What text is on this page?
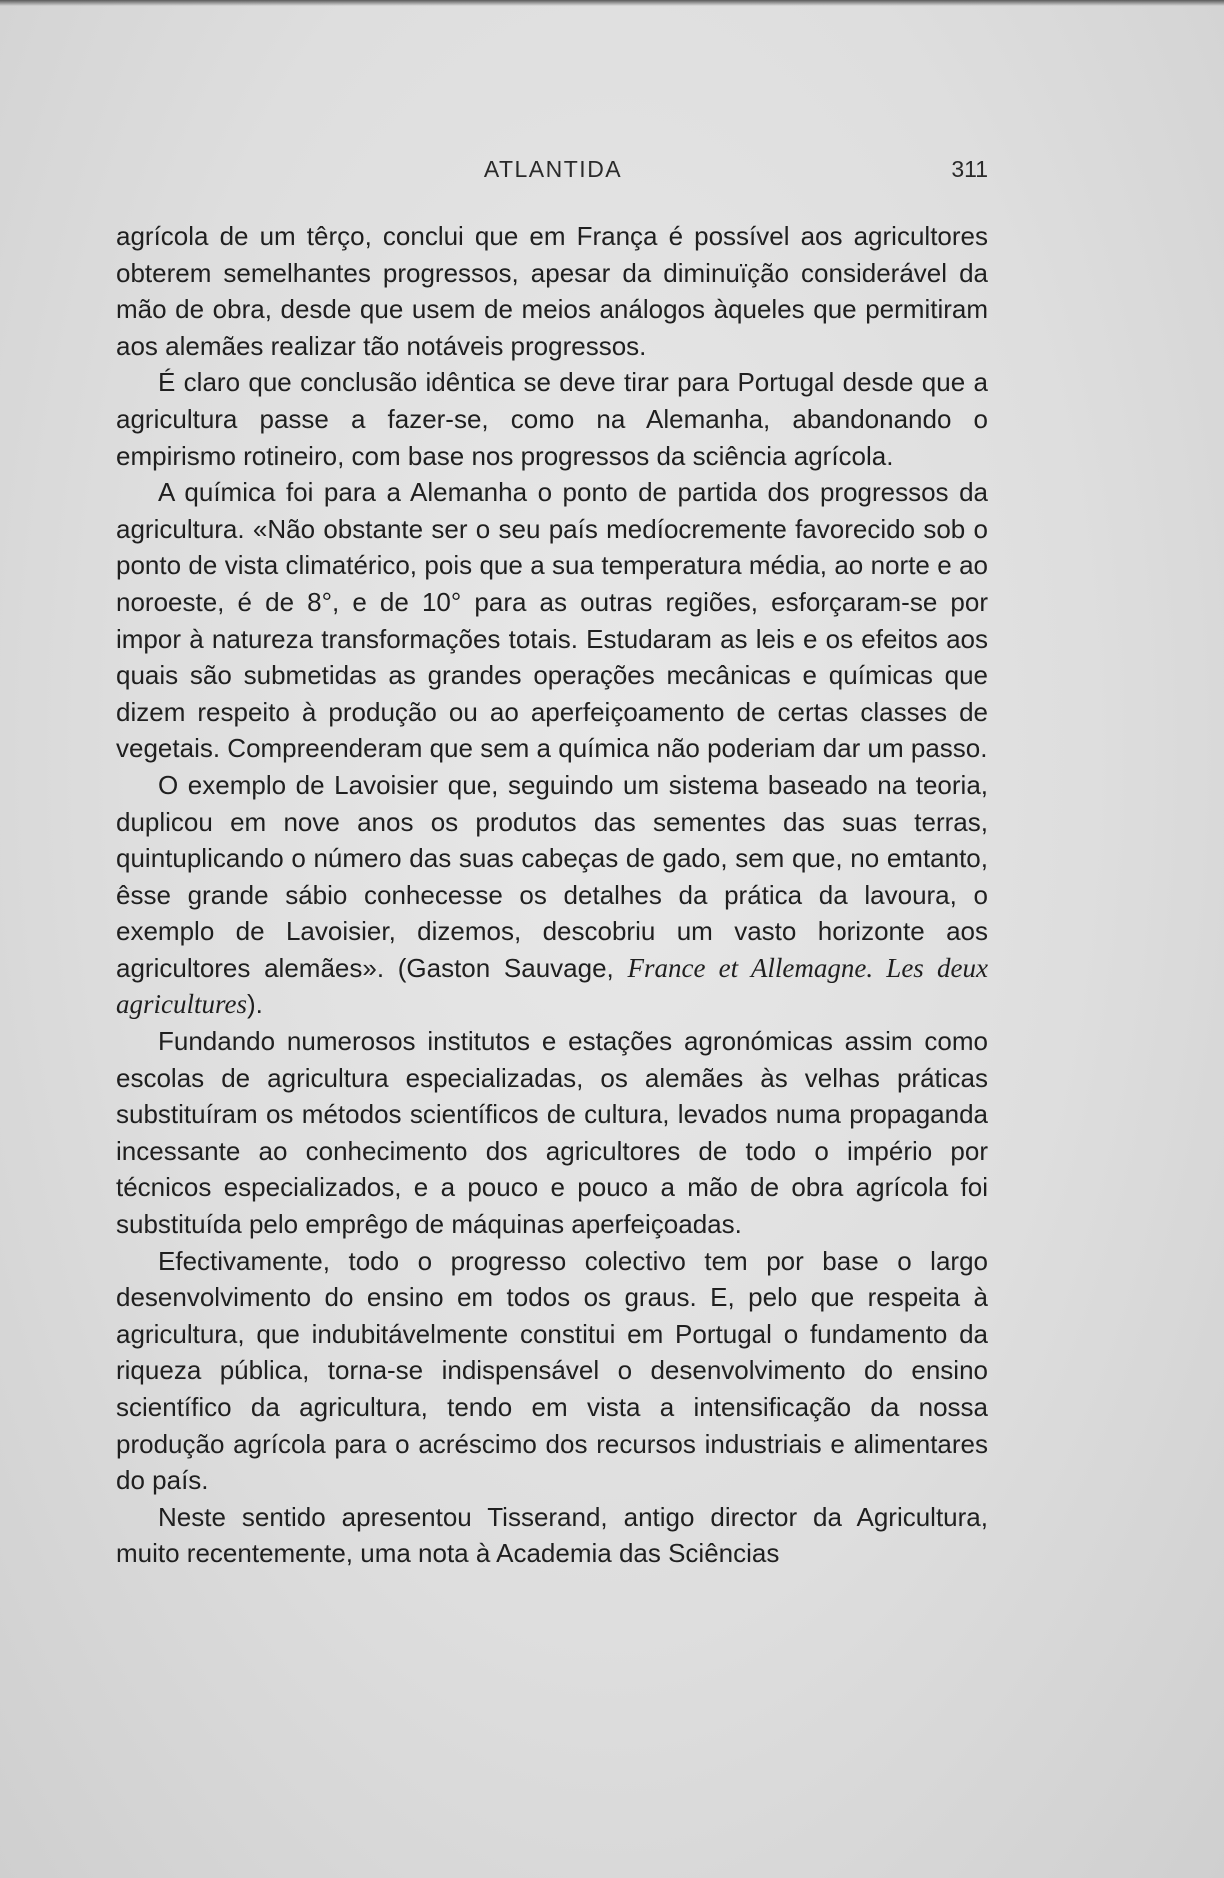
ATLANTIDA	311

agrícola de um têrço, conclui que em França é possível aos agricultores obterem semelhantes progressos, apesar da diminuïção considerável da mão de obra, desde que usem de meios análogos àqueles que permitiram aos alemães realizar tão notáveis progressos.

É claro que conclusão idêntica se deve tirar para Portugal desde que a agricultura passe a fazer-se, como na Alemanha, abandonando o empirismo rotineiro, com base nos progressos da sciência agrícola.

A química foi para a Alemanha o ponto de partida dos progressos da agricultura. «Não obstante ser o seu país medíocremente favorecido sob o ponto de vista climatérico, pois que a sua temperatura média, ao norte e ao noroeste, é de 8°, e de 10° para as outras regiões, esforçaram-se por impor à natureza transformações totais. Estudaram as leis e os efeitos aos quais são submetidas as grandes operações mecânicas e químicas que dizem respeito à produção ou ao aperfeiçoamento de certas classes de vegetais. Compreenderam que sem a química não poderiam dar um passo.

O exemplo de Lavoisier que, seguindo um sistema baseado na teoria, duplicou em nove anos os produtos das sementes das suas terras, quintuplicando o número das suas cabeças de gado, sem que, no emtanto, êsse grande sábio conhecesse os detalhes da prática da lavoura, o exemplo de Lavoisier, dizemos, descobriu um vasto horizonte aos agricultores alemães». (Gaston Sauvage, France et Allemagne. Les deux agricultures).

Fundando numerosos institutos e estações agronómicas assim como escolas de agricultura especializadas, os alemães às velhas práticas substituíram os métodos scientíficos de cultura, levados numa propaganda incessante ao conhecimento dos agricultores de todo o império por técnicos especializados, e a pouco e pouco a mão de obra agrícola foi substituída pelo emprêgo de máquinas aperfeiçoadas.

Efectivamente, todo o progresso colectivo tem por base o largo desenvolvimento do ensino em todos os graus. E, pelo que respeita à agricultura, que indubitávelmente constitui em Portugal o fundamento da riqueza pública, torna-se indispensável o desenvolvimento do ensino scientífico da agricultura, tendo em vista a intensificação da nossa produção agrícola para o acréscimo dos recursos industriais e alimentares do país.

Neste sentido apresentou Tisserand, antigo director da Agricultura, muito recentemente, uma nota à Academia das Sciências
